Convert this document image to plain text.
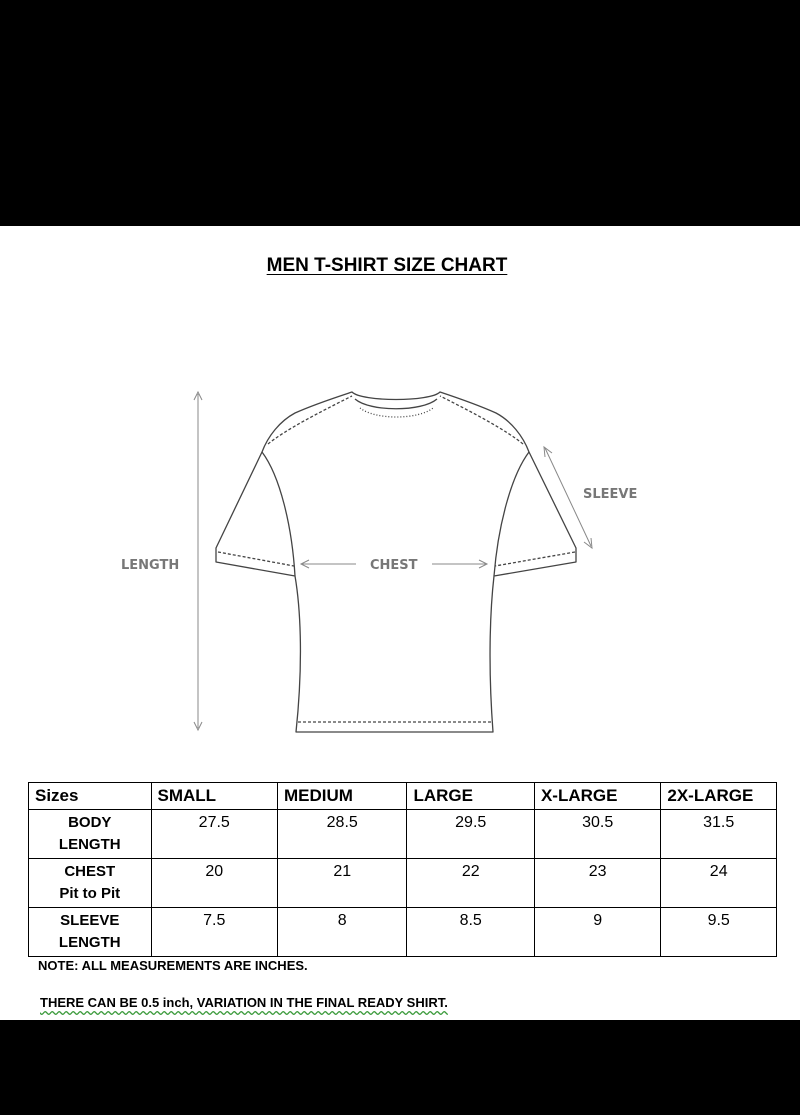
MEN T-SHIRT SIZE CHART
LENGTH	CHEST
SLEEVE
Sizes	SMALL	MEDIUM	LARGE	X-LARGE	2X-LARGE

BODY
LENGTH	27.5	28.5	29.5	30.5	31.5

CHEST
Pit to Pit	20	21	22	23	24

SLEEVE
LENGTH	7.5	8	8.5	9	9.5
NOTE: ALL MEASUREMENTS ARE INCHES.
THERE CAN BE 0.5 inch, VARIATION IN THE FINAL READY SHIRT.
